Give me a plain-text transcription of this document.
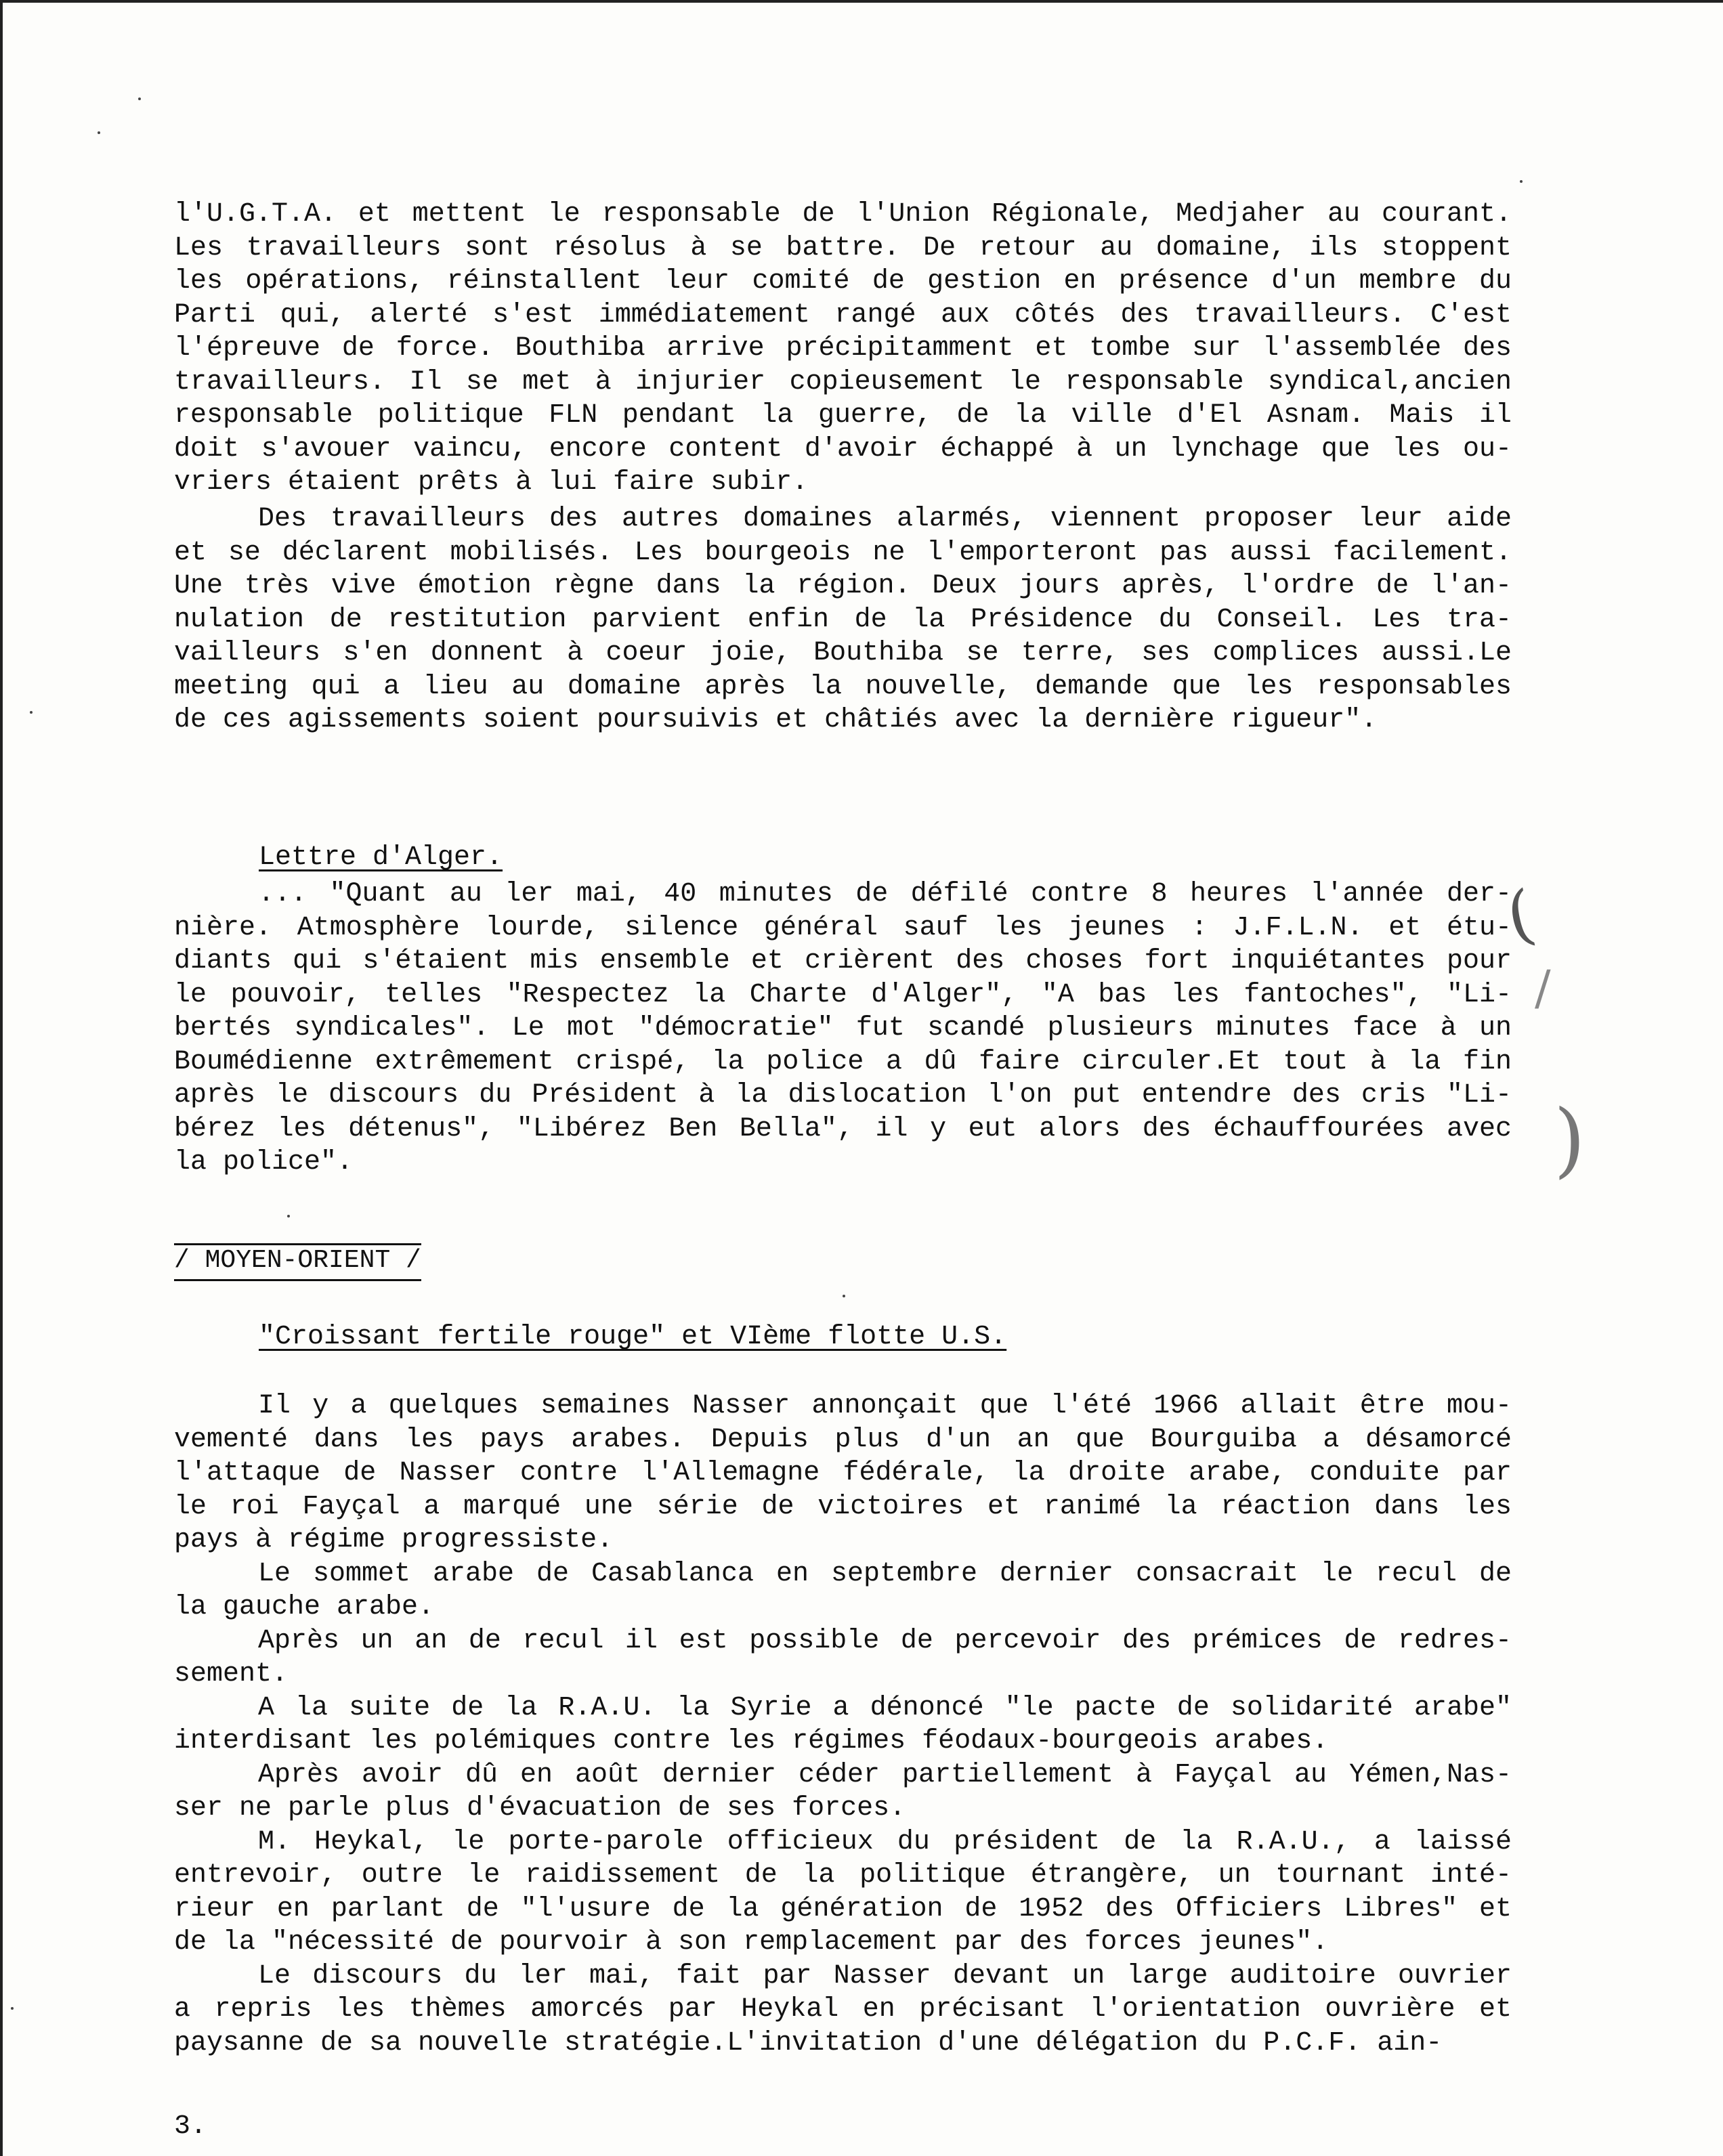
l'U.G.T.A. et mettent le responsable de l'Union Régionale, Medjaher au courant.
Les travailleurs sont résolus à se battre. De retour au domaine, ils stoppent
les opérations, réinstallent leur comité de gestion en présence d'un membre du
Parti qui, alerté s'est immédiatement rangé aux côtés des travailleurs. C'est
l'épreuve de force. Bouthiba arrive précipitamment et tombe sur l'assemblée des
travailleurs. Il se met à injurier copieusement le responsable syndical,ancien
responsable politique FLN pendant la guerre, de la ville d'El Asnam. Mais il
doit s'avouer vaincu, encore content d'avoir échappé à un lynchage que les ou-
vriers étaient prêts à lui faire subir.
Des travailleurs des autres domaines alarmés, viennent proposer leur aide
et se déclarent mobilisés. Les bourgeois ne l'emporteront pas aussi facilement.
Une très vive émotion règne dans la région. Deux jours après, l'ordre de l'an-
nulation de restitution parvient enfin de la Présidence du Conseil. Les tra-
vailleurs s'en donnent à coeur joie, Bouthiba se terre, ses complices aussi.Le
meeting qui a lieu au domaine après la nouvelle, demande que les responsables
de ces agissements soient poursuivis et châtiés avec la dernière rigueur".
Lettre d'Alger.
... "Quant au ler mai, 40 minutes de défilé contre 8 heures l'année der-
nière. Atmosphère lourde, silence général sauf les jeunes : J.F.L.N. et étu-
diants qui s'étaient mis ensemble et crièrent des choses fort inquiétantes pour
le pouvoir, telles "Respectez la Charte d'Alger", "A bas les fantoches", "Li-
bertés syndicales". Le mot "démocratie" fut scandé plusieurs minutes face à un
Boumédienne extrêmement crispé, la police a dû faire circuler.Et tout à la fin
après le discours du Président à la dislocation l'on put entendre des cris "Li-
bérez les détenus", "Libérez Ben Bella", il y eut alors des échauffourées avec
la police".
/ MOYEN-ORIENT /
"Croissant fertile rouge" et VIème flotte U.S.
Il y a quelques semaines Nasser annonçait que l'été 1966 allait être mou-
vementé dans les pays arabes. Depuis plus d'un an que Bourguiba a désamorcé
l'attaque de Nasser contre l'Allemagne fédérale, la droite arabe, conduite par
le roi Fayçal a marqué une série de victoires et ranimé la réaction dans les
pays à régime progressiste.
Le sommet arabe de Casablanca en septembre dernier consacrait le recul de
la gauche arabe.
Après un an de recul il est possible de percevoir des prémices de redres-
sement.
A la suite de la R.A.U. la Syrie a dénoncé "le pacte de solidarité arabe"
interdisant les polémiques contre les régimes féodaux-bourgeois arabes.
Après avoir dû en août dernier céder partiellement à Fayçal au Yémen,Nas-
ser ne parle plus d'évacuation de ses forces.
M. Heykal, le porte-parole officieux du président de la R.A.U., a laissé
entrevoir, outre le raidissement de la politique étrangère, un tournant inté-
rieur en parlant de "l'usure de la génération de 1952 des Officiers Libres" et
de la "nécessité de pourvoir à son remplacement par des forces jeunes".
Le discours du ler mai, fait par Nasser devant un large auditoire ouvrier
a repris les thèmes amorcés par Heykal en précisant l'orientation ouvrière et
paysanne de sa nouvelle stratégie.L'invitation d'une délégation du P.C.F. ain-
3.
(
/
)
